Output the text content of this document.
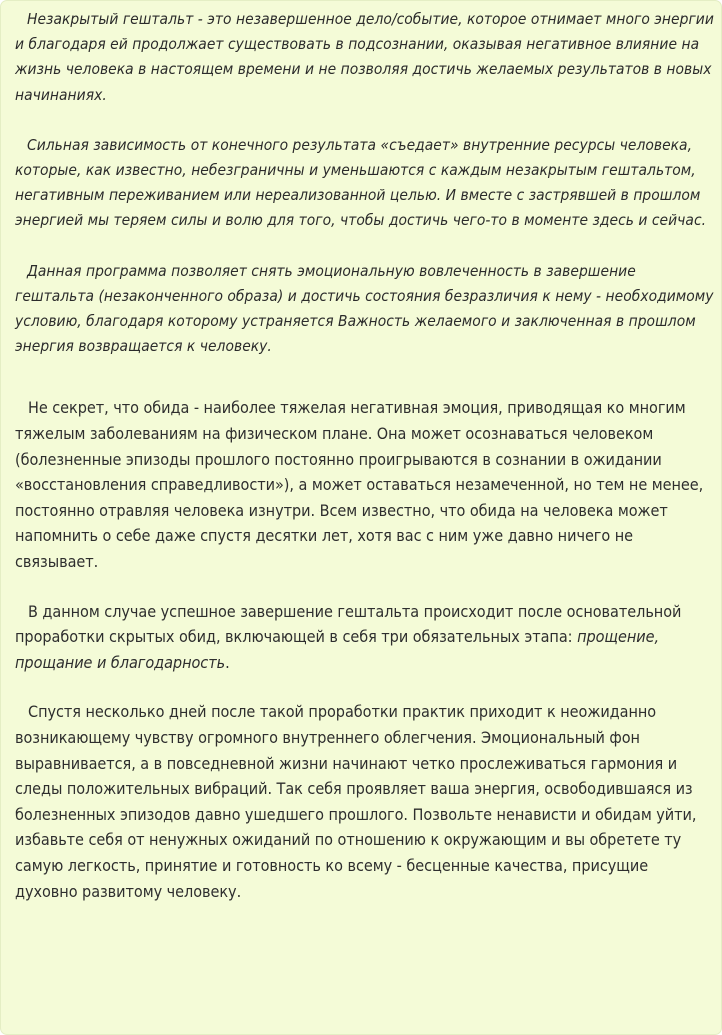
Незакрытый гештальт - это незавершенное дело/событие, которое отнимает много энергии и благодаря ей продолжает существовать в подсознании, оказывая негативное влияние на жизнь человека в настоящем времени и не позволяя достичь желаемых результатов в новых начинаниях.

Сильная зависимость от конечного результата «съедает» внутренние ресурсы человека, которые, как известно, небезграничны и уменьшаются с каждым незакрытым гештальтом, негативным переживанием или нереализованной целью. И вместе с застрявшей в прошлом энергией мы теряем силы и волю для того, чтобы достичь чего-то в моменте здесь и сейчас.

Данная программа позволяет снять эмоциональную вовлеченность в завершение гештальта (незаконченного образа) и достичь состояния безразличия к нему - необходимому условию, благодаря которому устраняется Важность желаемого и заключенная в прошлом энергия возвращается к человеку.

Не секрет, что обида - наиболее тяжелая негативная эмоция, приводящая ко многим тяжелым заболеваниям на физическом плане. Она может осознаваться человеком (болезненные эпизоды прошлого постоянно проигрываются в сознании в ожидании «восстановления справедливости»), а может оставаться незамеченной, но тем не менее, постоянно отравляя человека изнутри. Всем известно, что обида на человека может напомнить о себе даже спустя десятки лет, хотя вас с ним уже давно ничего не связывает.

В данном случае успешное завершение гештальта происходит после основательной проработки скрытых обид, включающей в себя три обязательных этапа: прощение, прощание и благодарность.

Спустя несколько дней после такой проработки практик приходит к неожиданно возникающему чувству огромного внутреннего облегчения. Эмоциональный фон выравнивается, а в повседневной жизни начинают четко прослеживаться гармония и следы положительных вибраций. Так себя проявляет ваша энергия, освободившаяся из болезненных эпизодов давно ушедшего прошлого. Позвольте ненависти и обидам уйти, избавьте себя от ненужных ожиданий по отношению к окружающим и вы обретете ту самую легкость, принятие и готовность ко всему - бесценные качества, присущие духовно развитому человеку.
